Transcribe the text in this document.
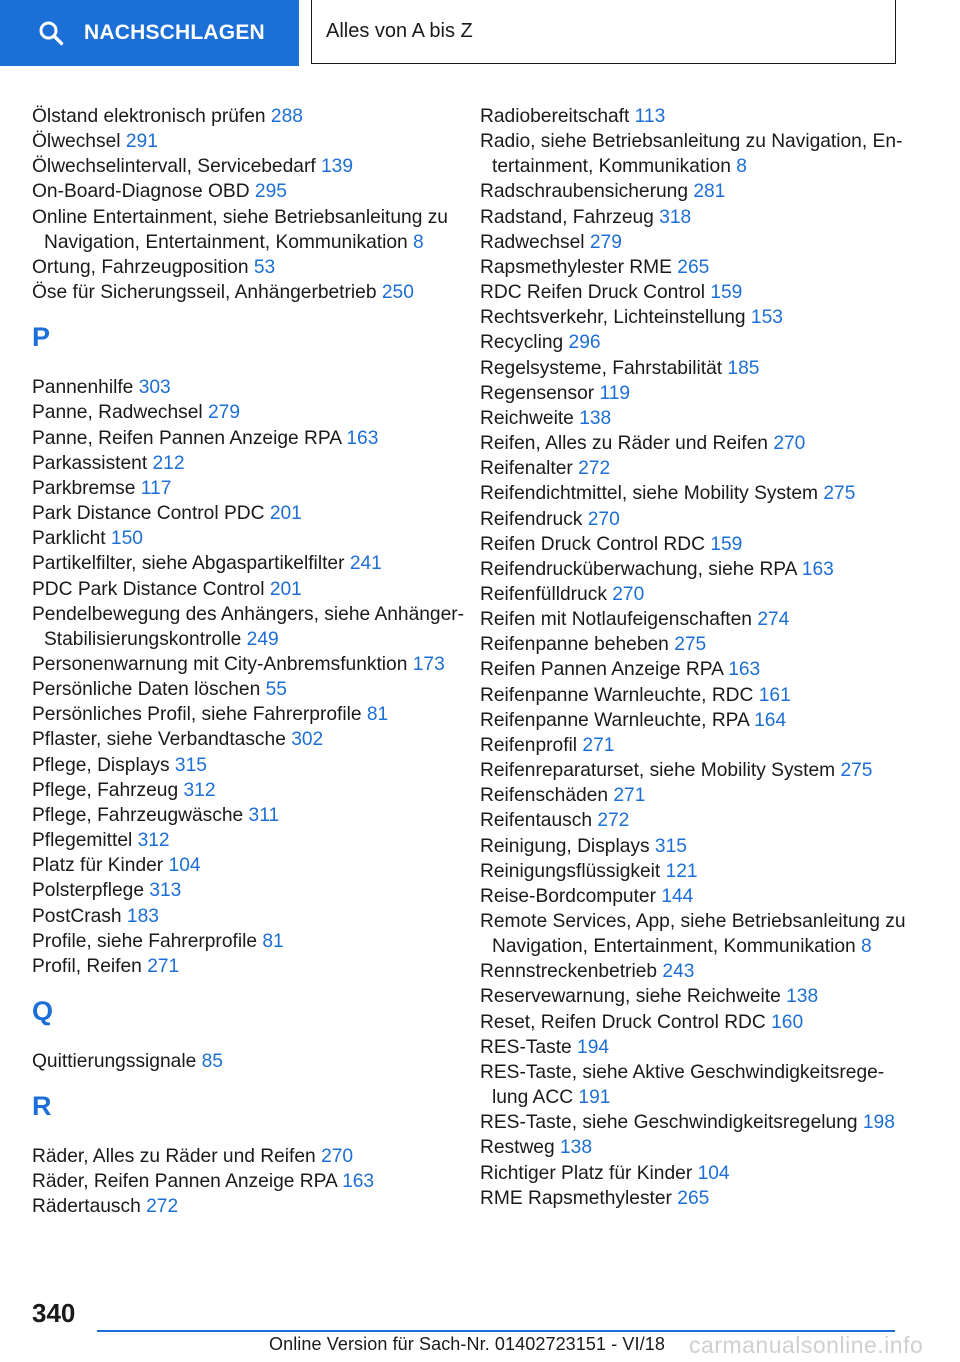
NACHSCHLAGEN	Alles von A bis Z
Ölstand elektronisch prüfen 288
Ölwechsel 291
Ölwechselintervall, Servicebedarf 139
On-Board-Diagnose OBD 295
Online Entertainment, siehe Betriebsanleitung zu Navigation, Entertainment, Kommunikation 8
Ortung, Fahrzeugposition 53
Öse für Sicherungsseil, Anhängerbetrieb 250
P
Pannenhilfe 303
Panne, Radwechsel 279
Panne, Reifen Pannen Anzeige RPA 163
Parkassistent 212
Parkbremse 117
Park Distance Control PDC 201
Parklicht 150
Partikelfilter, siehe Abgaspartikelfilter 241
PDC Park Distance Control 201
Pendelbewegung des Anhängers, siehe Anhänger-Stabilisierungskontrolle 249
Personenwarnung mit City-Anbremsfunktion 173
Persönliche Daten löschen 55
Persönliches Profil, siehe Fahrerprofile 81
Pflaster, siehe Verbandtasche 302
Pflege, Displays 315
Pflege, Fahrzeug 312
Pflege, Fahrzeugwäsche 311
Pflegemittel 312
Platz für Kinder 104
Polsterpflege 313
PostCrash 183
Profile, siehe Fahrerprofile 81
Profil, Reifen 271
Q
Quittierungssignale 85
R
Räder, Alles zu Räder und Reifen 270
Räder, Reifen Pannen Anzeige RPA 163
Rädertausch 272
Radiobereitschaft 113
Radio, siehe Betriebsanleitung zu Navigation, Entertainment, Kommunikation 8
Radschraubensicherung 281
Radstand, Fahrzeug 318
Radwechsel 279
Rapsmethylester RME 265
RDC Reifen Druck Control 159
Rechtsverkehr, Lichteinstellung 153
Recycling 296
Regelsysteme, Fahrstabilität 185
Regensensor 119
Reichweite 138
Reifen, Alles zu Räder und Reifen 270
Reifenalter 272
Reifendichtmittel, siehe Mobility System 275
Reifendruck 270
Reifen Druck Control RDC 159
Reifendrucküberwachung, siehe RPA 163
Reifenfülldruck 270
Reifen mit Notlaufeigenschaften 274
Reifenpanne beheben 275
Reifen Pannen Anzeige RPA 163
Reifenpanne Warnleuchte, RDC 161
Reifenpanne Warnleuchte, RPA 164
Reifenprofil 271
Reifenreparaturset, siehe Mobility System 275
Reifenschäden 271
Reifentausch 272
Reinigung, Displays 315
Reinigungsflüssigkeit 121
Reise-Bordcomputer 144
Remote Services, App, siehe Betriebsanleitung zu Navigation, Entertainment, Kommunikation 8
Rennstreckenbetrieb 243
Reservewarnung, siehe Reichweite 138
Reset, Reifen Druck Control RDC 160
RES-Taste 194
RES-Taste, siehe Aktive Geschwindigkeitsregelung ACC 191
RES-Taste, siehe Geschwindigkeitsregelung 198
Restweg 138
Richtiger Platz für Kinder 104
RME Rapsmethylester 265
340
Online Version für Sach-Nr. 01402723151 - VI/18 carmanualsonline.info
